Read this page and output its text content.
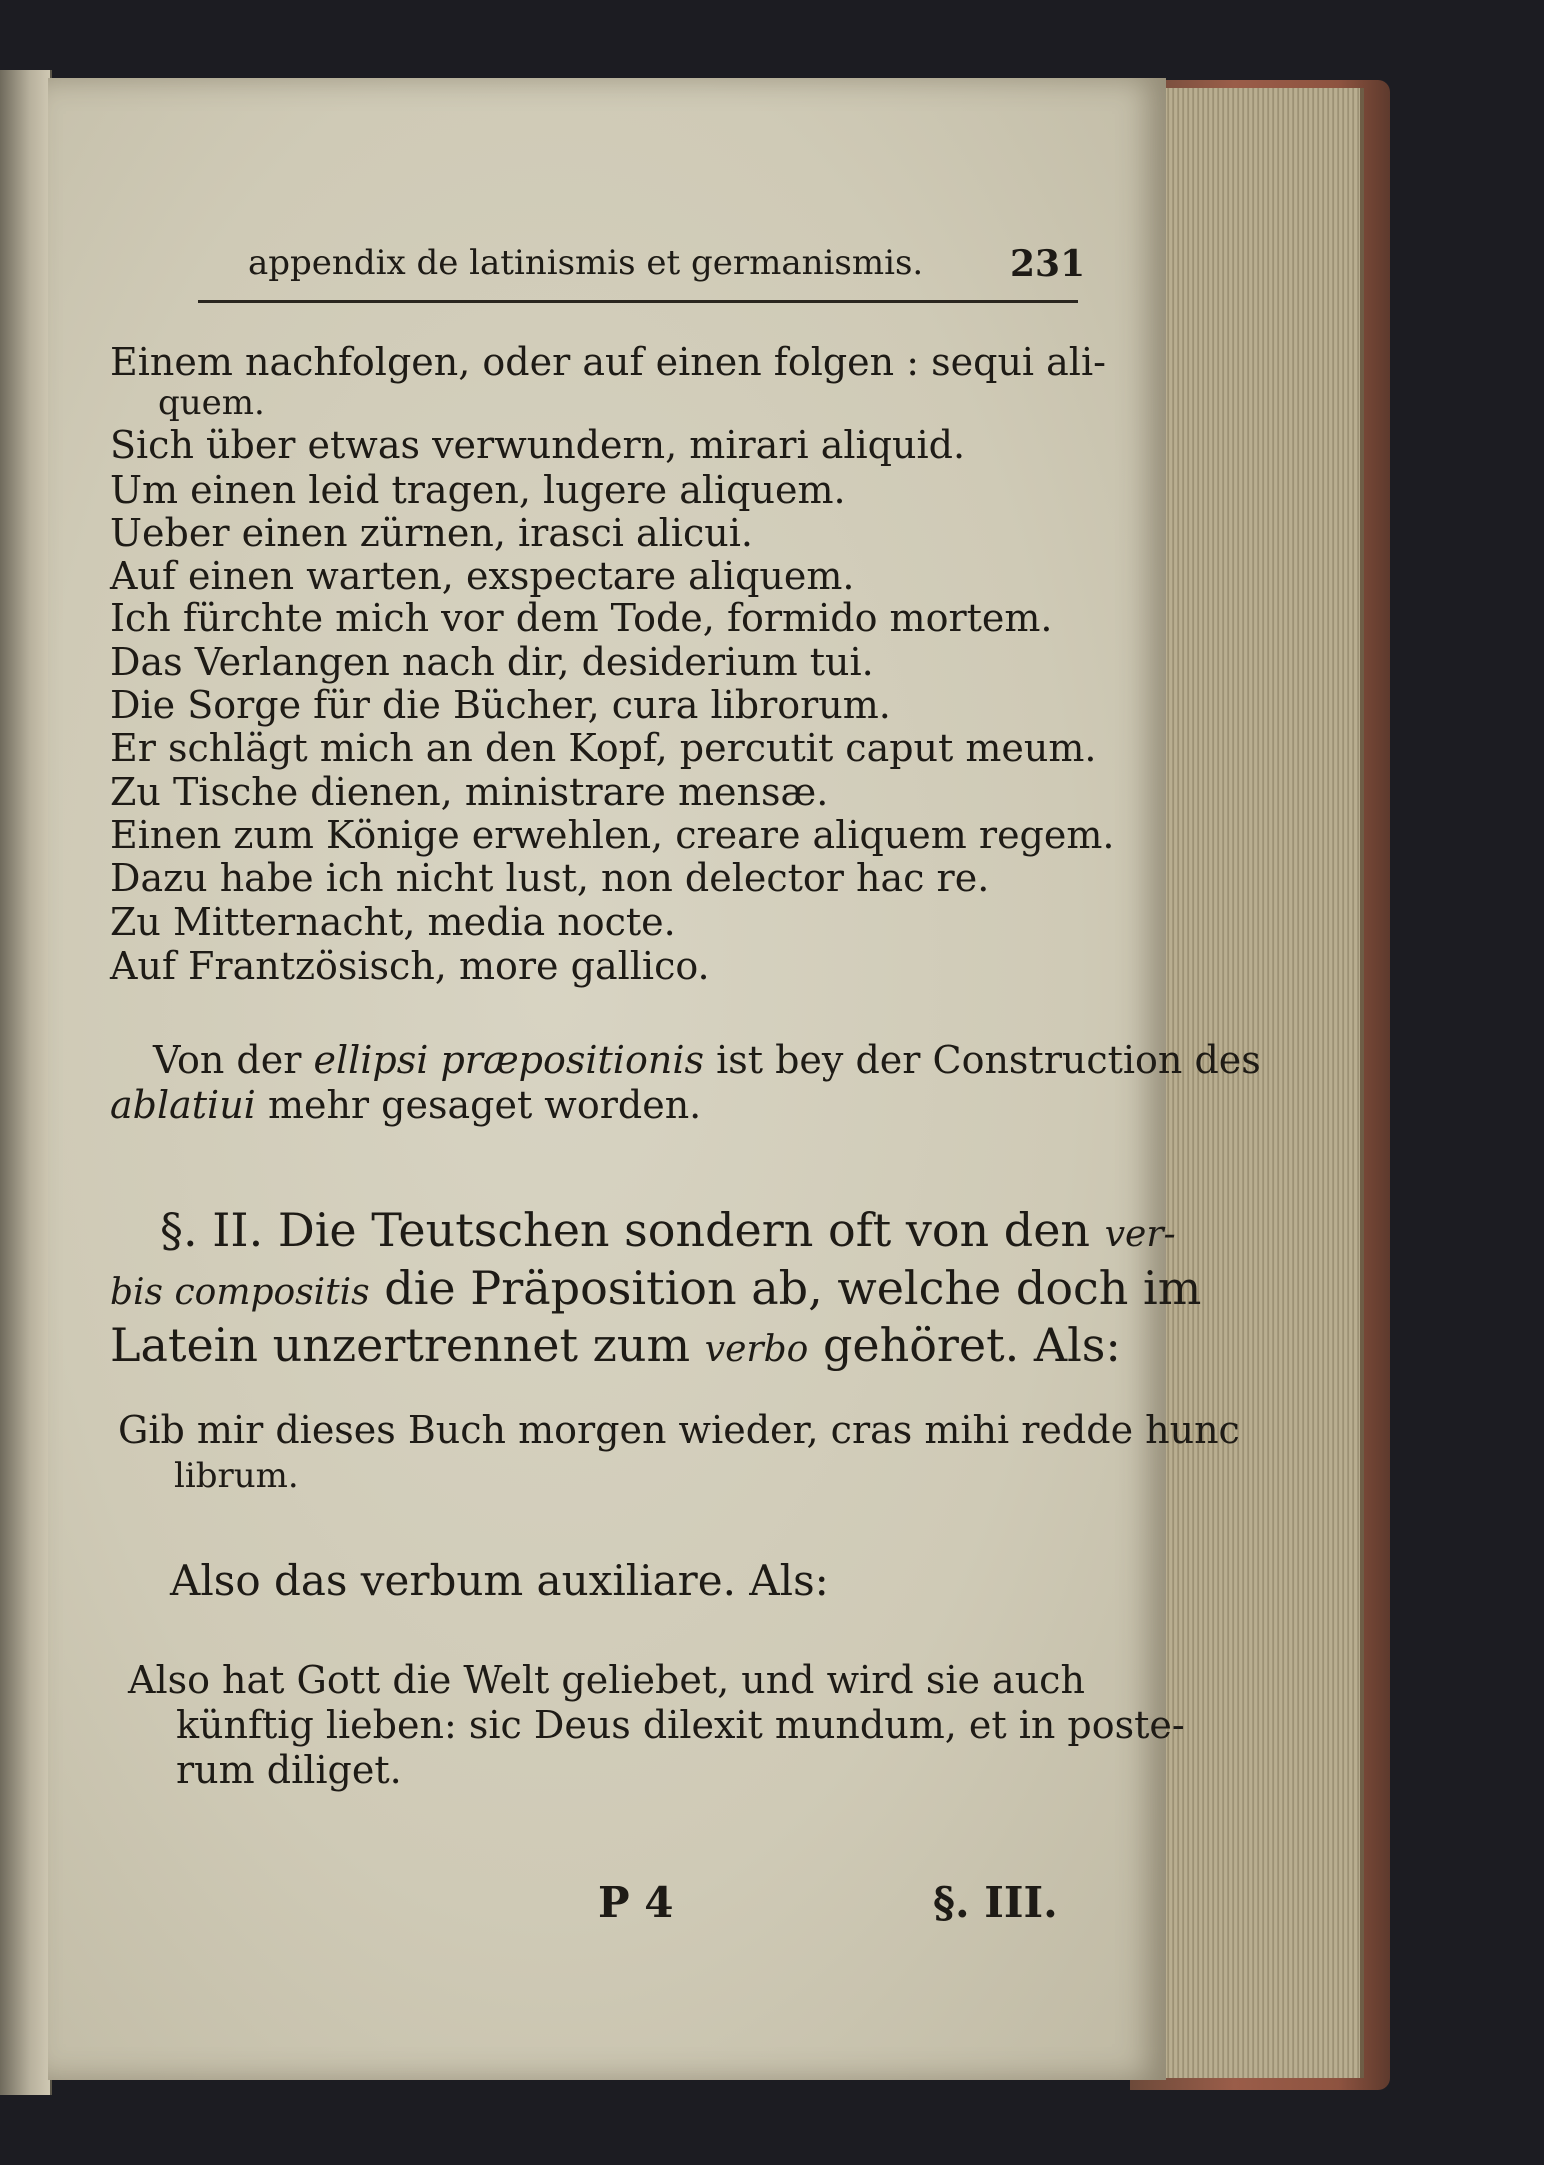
appendix de latinismis et germanismis. 231
Einem nachfolgen, oder auf einen folgen : sequi ali-
quem.
Sich über etwas verwundern, mirari aliquid.
Um einen leid tragen, lugere aliquem.
Ueber einen zürnen, irasci alicui.
Auf einen warten, exspectare aliquem.
Ich fürchte mich vor dem Tode, formido mortem.
Das Verlangen nach dir, desiderium tui.
Die Sorge für die Bücher, cura librorum.
Er schlägt mich an den Kopf, percutit caput meum.
Zu Tische dienen, ministrare mensæ.
Einen zum Könige erwehlen, creare aliquem regem.
Dazu habe ich nicht lust, non delector hac re.
Zu Mitternacht, media nocte.
Auf Frantzösisch, more gallico.
Von der ellipsi præpositionis ist bey der Construction des
ablatiui mehr gesaget worden.
§. II. Die Teutschen sondern oft von den ver-
bis compositis die Präposition ab, welche doch im
Latein unzertrennet zum verbo gehöret. Als:
Gib mir dieses Buch morgen wieder, cras mihi redde hunc
librum.
Also das verbum auxiliare. Als:
Also hat Gott die Welt geliebet, und wird sie auch
künftig lieben: sic Deus dilexit mundum, et in poste-
rum diliget.
P 4	§. III.
